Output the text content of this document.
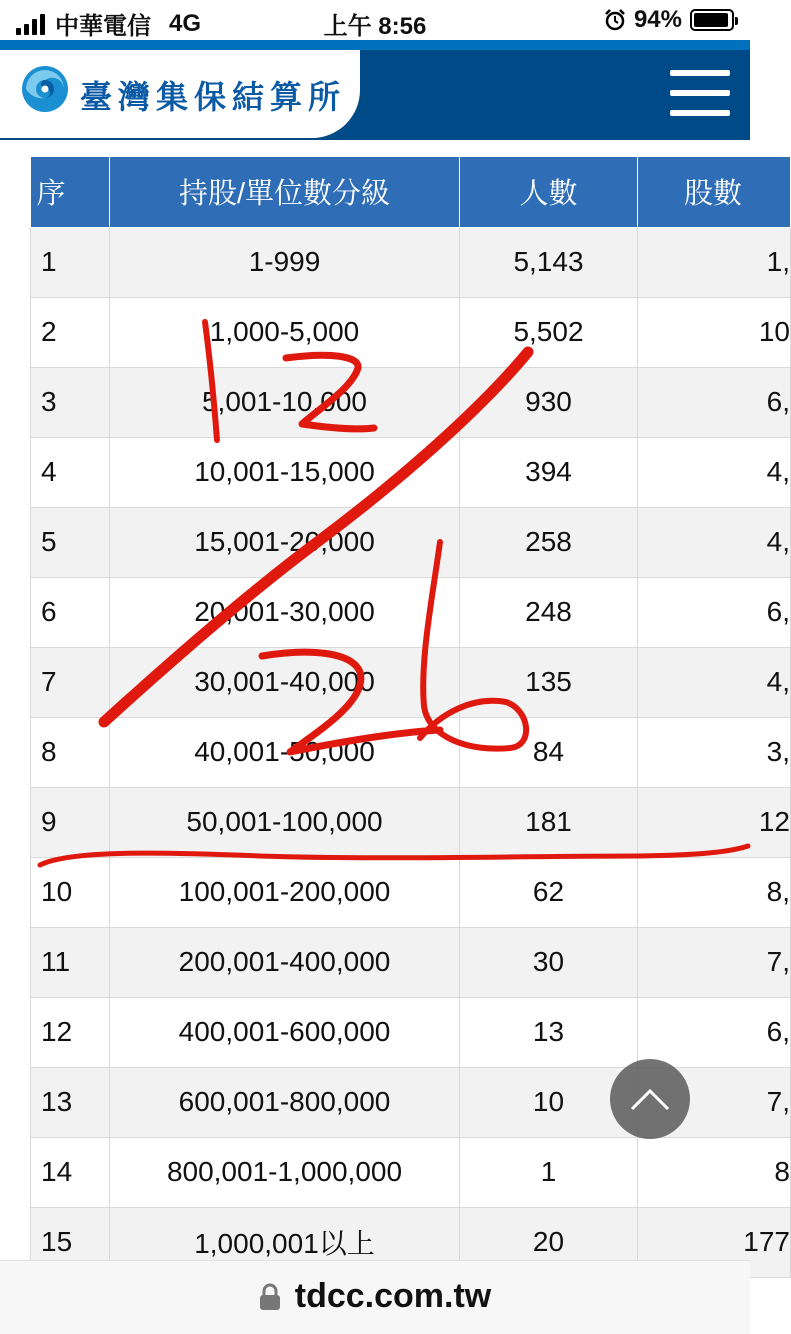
中華電信 4G	上午 8:56	94%
臺灣集保結算所
序	持股/單位數分級	人數	股數
1	1-999	5,143	1,
2	1,000-5,000	5,502	10
3	5,001-10,000	930	6,
4	10,001-15,000	394	4,
5	15,001-20,000	258	4,
6	20,001-30,000	248	6,
7	30,001-40,000	135	4,
8	40,001-50,000	84	3,
9	50,001-100,000	181	12
10	100,001-200,000	62	8,
11	200,001-400,000	30	7,
12	400,001-600,000	13	6,
13	600,001-800,000	10	7,
14	800,001-1,000,000	1	8
15	1,000,001以上	20	177
tdcc.com.tw
